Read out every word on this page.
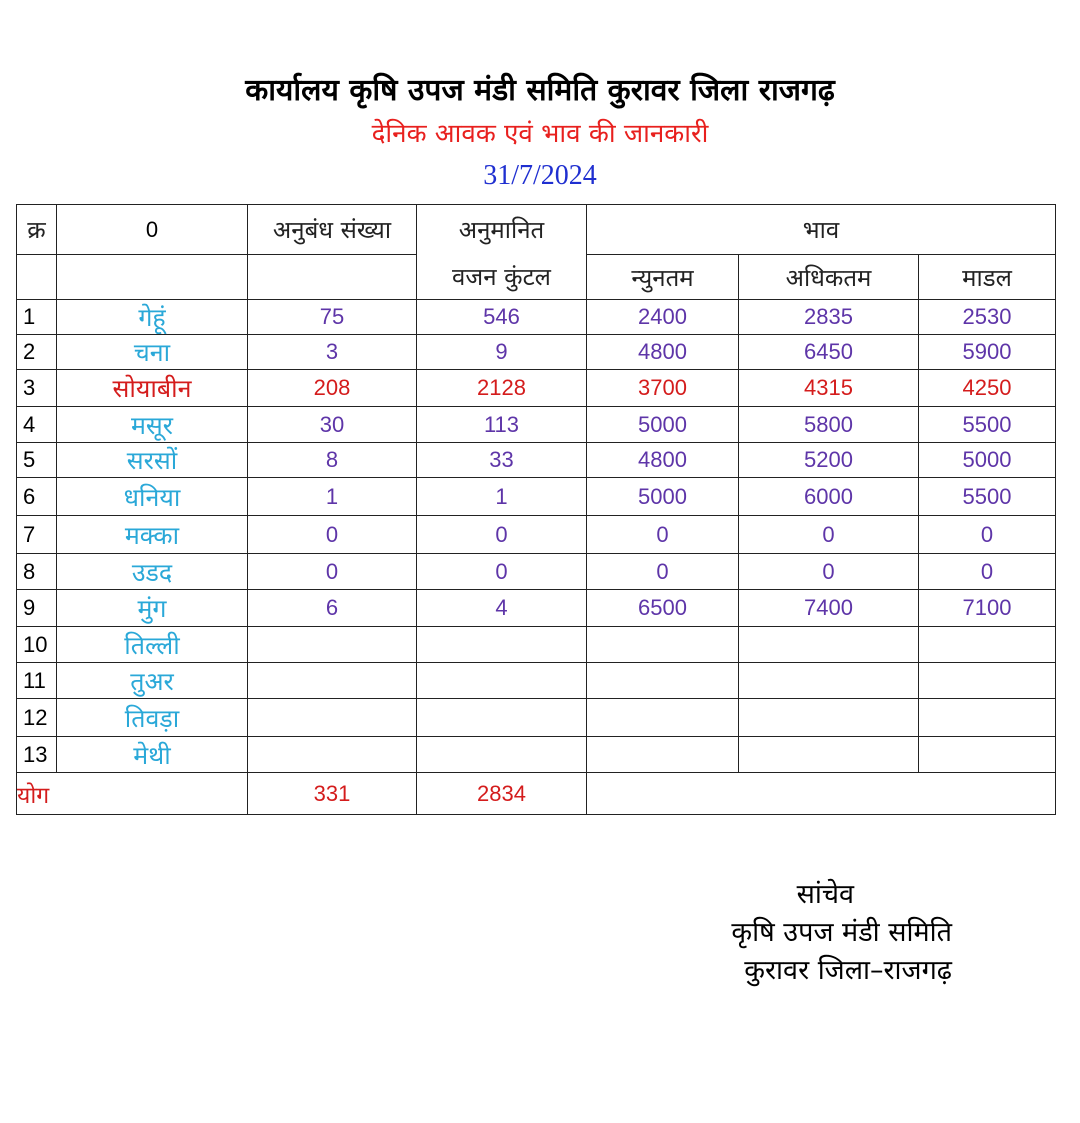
कार्यालय कृषि उपज मंडी समिति कुरावर जिला राजगढ़
देनिक आवक एवं भाव की जानकारी
31/7/2024
क्र	0	अनुबंध संख्या	अनुमानित	भाव		
			वजन कुंटल	न्युनतम	अधिकतम	माडल
1	गेहूं	75	546	2400	2835	2530
2	चना	3	9	4800	6450	5900
3	सोयाबीन	208	2128	3700	4315	4250
4	मसूर	30	113	5000	5800	5500
5	सरसों	8	33	4800	5200	5000
6	धनिया	1	1	5000	6000	5500
7	मक्का	0	0	0	0	0
8	उडद	0	0	0	0	0
9	मुंग	6	4	6500	7400	7100
10	तिल्ली					
11	तुअर					
12	तिवड़ा					
13	मेथी					
योग		331	2834			
सांचेव
कृषि उपज मंडी समिति
कुरावर जिला–राजगढ़
